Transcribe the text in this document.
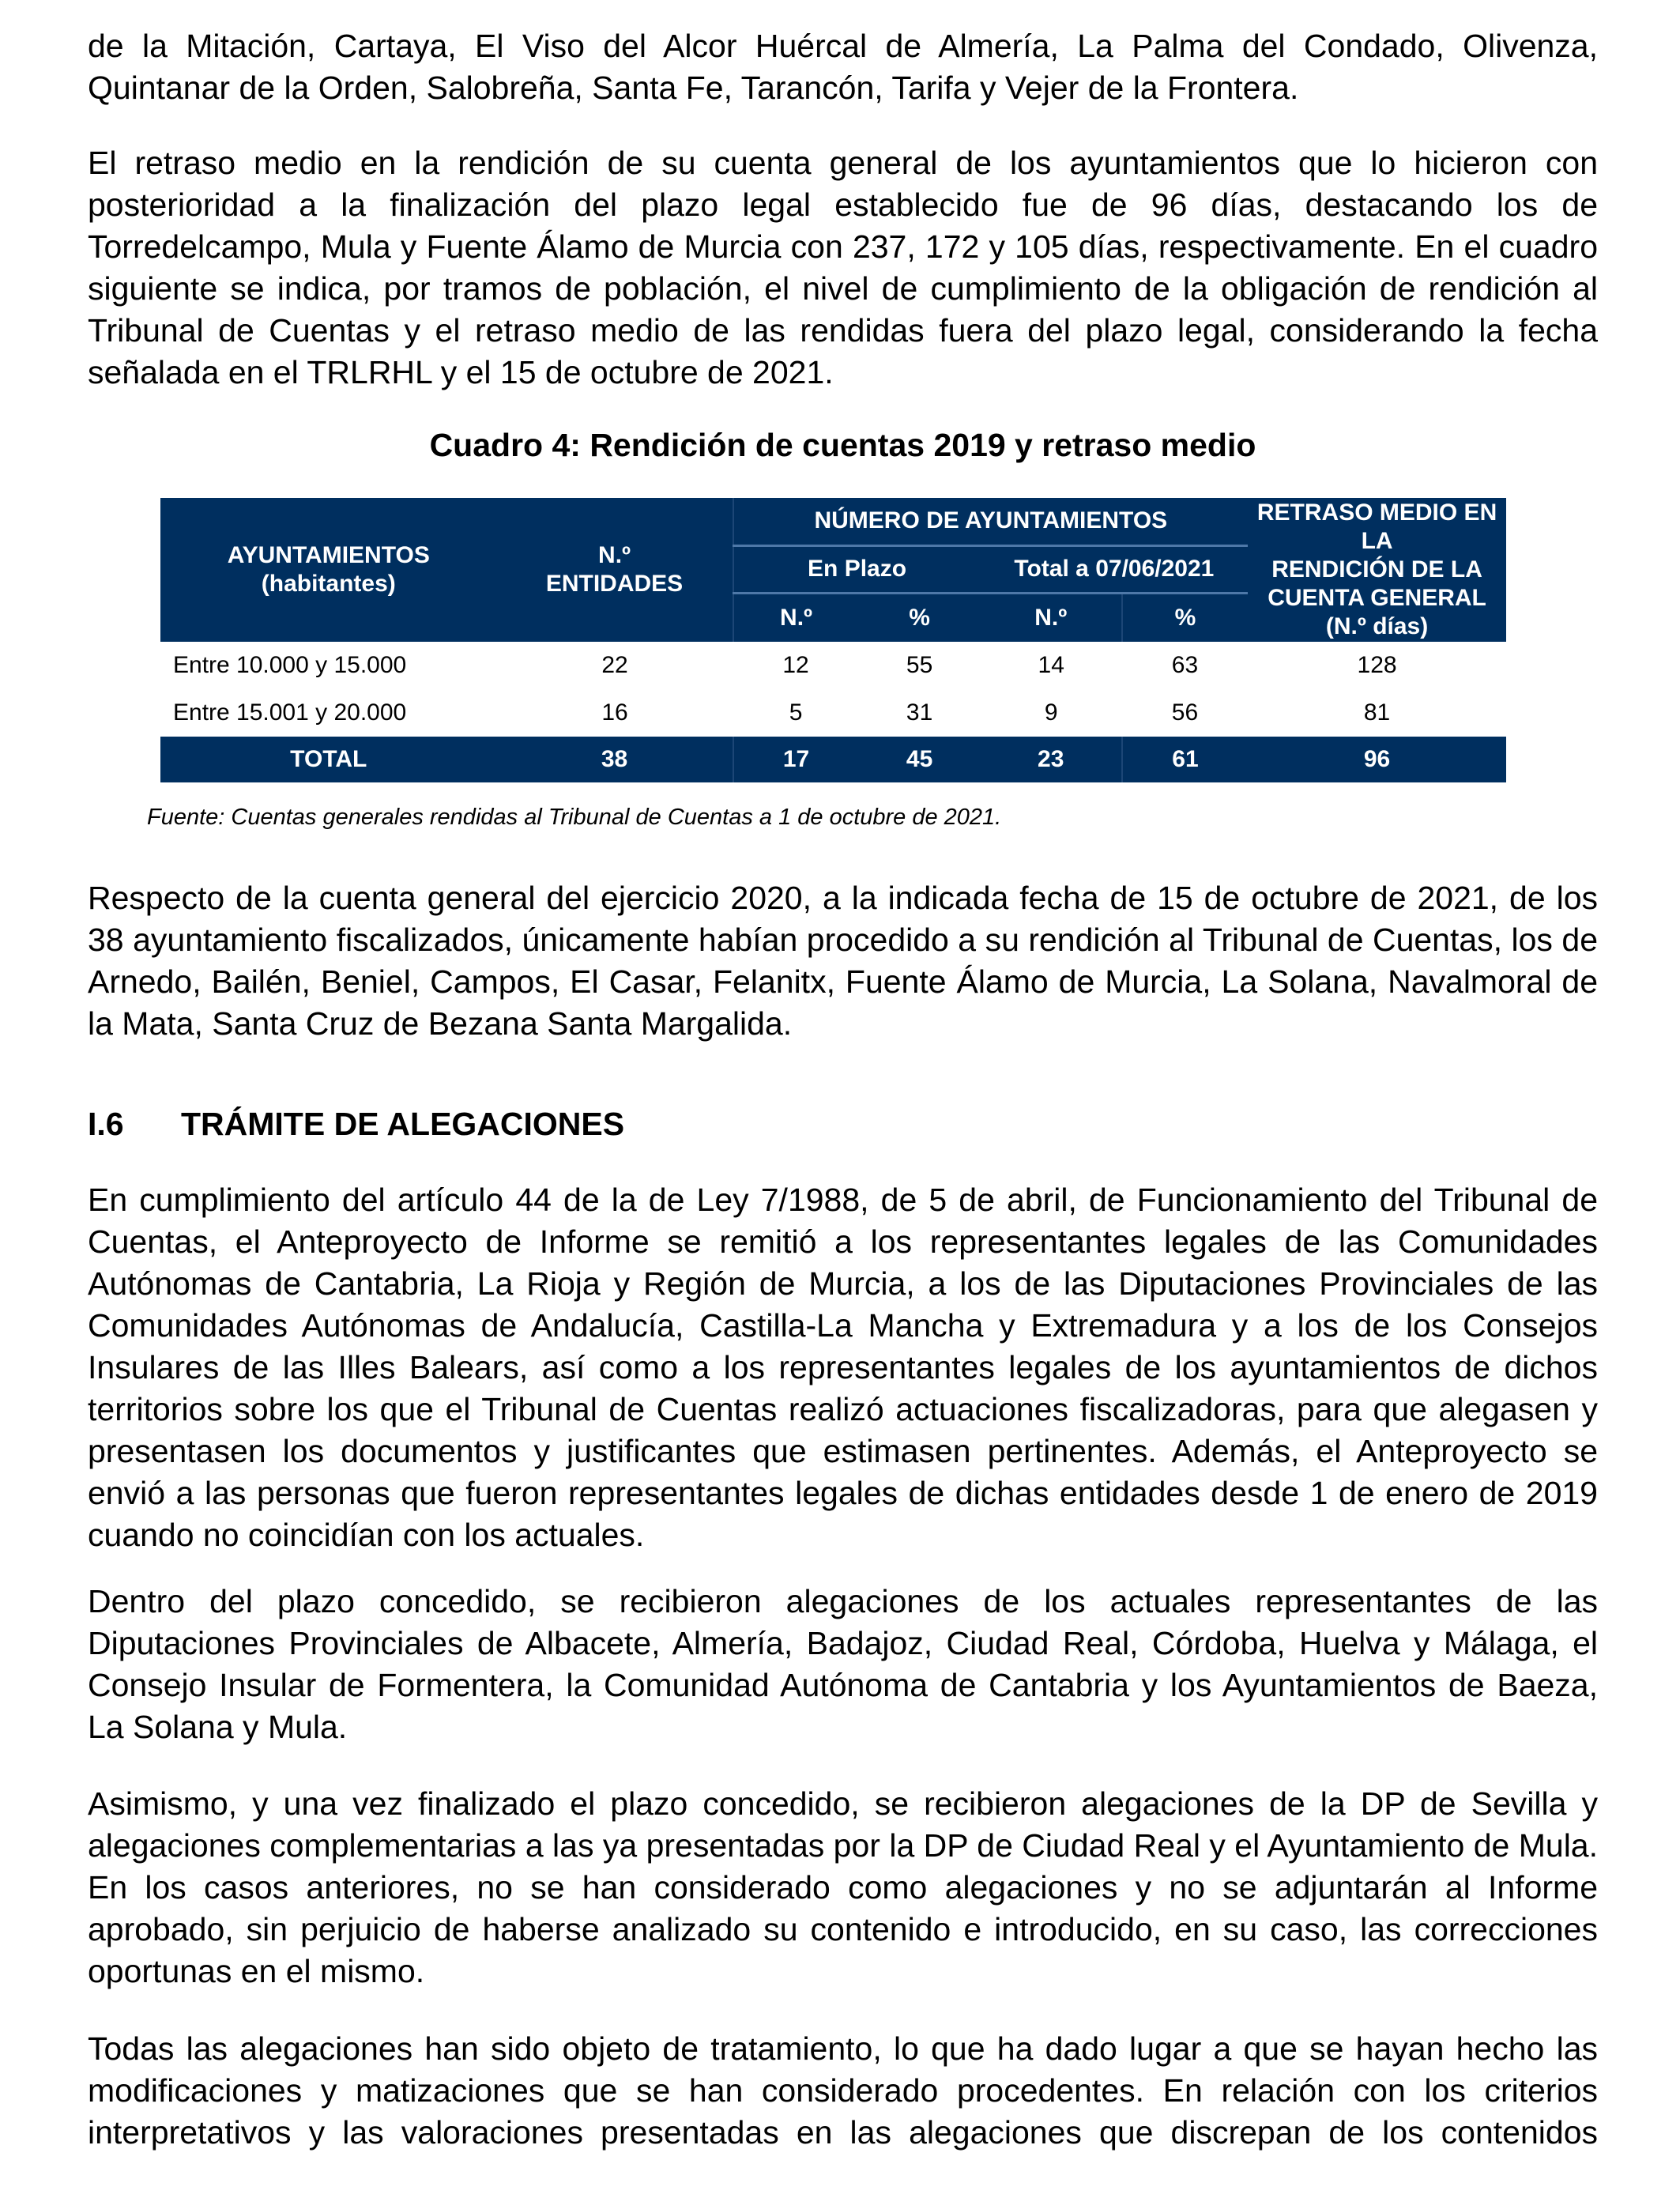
de la Mitación, Cartaya, El Viso del Alcor Huércal de Almería, La Palma del Condado, Olivenza, Quintanar de la Orden, Salobreña, Santa Fe, Tarancón, Tarifa y Vejer de la Frontera.

El retraso medio en la rendición de su cuenta general de los ayuntamientos que lo hicieron con posterioridad a la finalización del plazo legal establecido fue de 96 días, destacando los de Torredelcampo, Mula y Fuente Álamo de Murcia con 237, 172 y 105 días, respectivamente. En el cuadro siguiente se indica, por tramos de población, el nivel de cumplimiento de la obligación de rendición al Tribunal de Cuentas y el retraso medio de las rendidas fuera del plazo legal, considerando la fecha señalada en el TRLRHL y el 15 de octubre de 2021.

Cuadro 4: Rendición de cuentas 2019 y retraso medio
AYUNTAMIENTOS
(habitantes)

N.º
ENTIDADES
	NÚMERO DE AYUNTAMIENTOS	RETRASO MEDIO EN LA
RENDICIÓN DE LA
CUENTA GENERAL
(N.º días)

		En Plazo		Total a 07/06/2021		
		N.º	%	N.º	%	
Entre 10.000 y 15.000	22	12	55	14	63	128
Entre 15.001 y 20.000	16	5	31	9	56	81
TOTAL	38	17	45	23	61	96
Fuente: Cuentas generales rendidas al Tribunal de Cuentas a 1 de octubre de 2021.

Respecto de la cuenta general del ejercicio 2020, a la indicada fecha de 15 de octubre de 2021, de los 38 ayuntamiento fiscalizados, únicamente habían procedido a su rendición al Tribunal de Cuentas, los de Arnedo, Bailén, Beniel, Campos, El Casar, Felanitx, Fuente Álamo de Murcia, La Solana, Navalmoral de la Mata, Santa Cruz de Bezana Santa Margalida.

I.6 TRÁMITE DE ALEGACIONES

En cumplimiento del artículo 44 de la de Ley 7/1988, de 5 de abril, de Funcionamiento del Tribunal de Cuentas, el Anteproyecto de Informe se remitió a los representantes legales de las Comunidades Autónomas de Cantabria, La Rioja y Región de Murcia, a los de las Diputaciones Provinciales de las Comunidades Autónomas de Andalucía, Castilla-La Mancha y Extremadura y a los de los Consejos Insulares de las Illes Balears, así como a los representantes legales de los ayuntamientos de dichos territorios sobre los que el Tribunal de Cuentas realizó actuaciones fiscalizadoras, para que alegasen y presentasen los documentos y justificantes que estimasen pertinentes. Además, el Anteproyecto se envió a las personas que fueron representantes legales de dichas entidades desde 1 de enero de 2019 cuando no coincidían con los actuales.

Dentro del plazo concedido, se recibieron alegaciones de los actuales representantes de las Diputaciones Provinciales de Albacete, Almería, Badajoz, Ciudad Real, Córdoba, Huelva y Málaga, el Consejo Insular de Formentera, la Comunidad Autónoma de Cantabria y los Ayuntamientos de Baeza, La Solana y Mula.

Asimismo, y una vez finalizado el plazo concedido, se recibieron alegaciones de la DP de Sevilla y alegaciones complementarias a las ya presentadas por la DP de Ciudad Real y el Ayuntamiento de Mula. En los casos anteriores, no se han considerado como alegaciones y no se adjuntarán al Informe aprobado, sin perjuicio de haberse analizado su contenido e introducido, en su caso, las correcciones oportunas en el mismo.

Todas las alegaciones han sido objeto de tratamiento, lo que ha dado lugar a que se hayan hecho las modificaciones y matizaciones que se han considerado procedentes. En relación con los criterios interpretativos y las valoraciones presentadas en las alegaciones que discrepan de los contenidos
